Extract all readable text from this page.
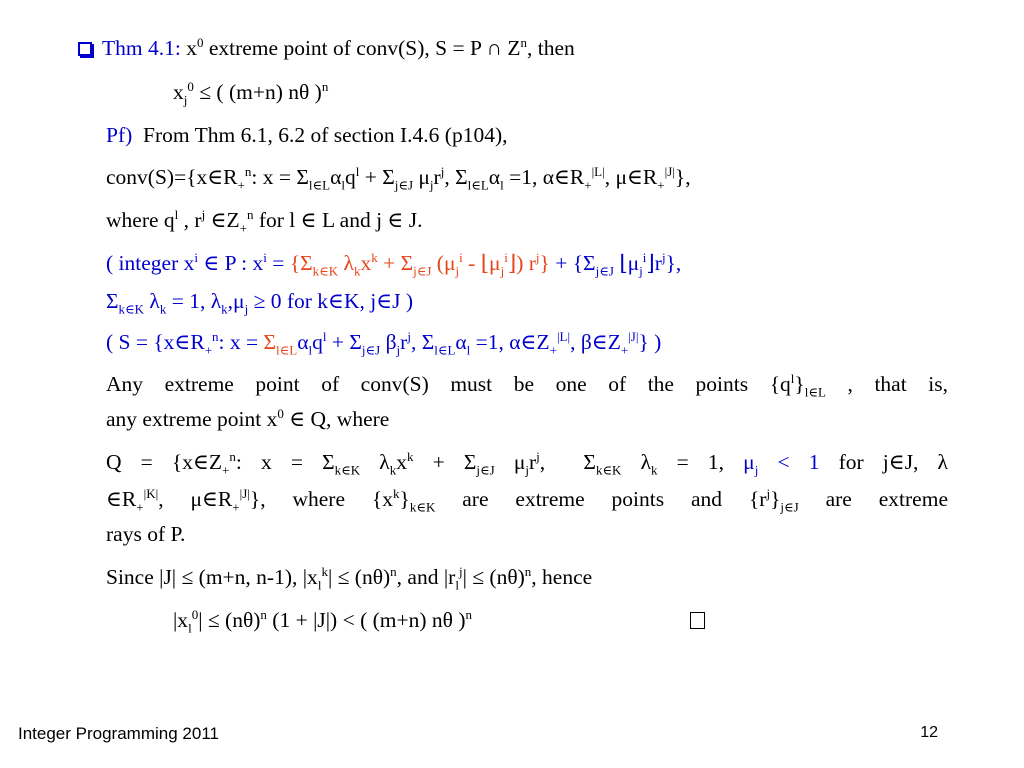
Thm 4.1: $x^0$ extreme point of conv(S), S = P ∩ $Z^n$, then
$x_j^0$ ≤ ( (m+n) nθ )$^n$
Pf) From Thm 6.1, 6.2 of section I.4.6 (p104),
$conv(S)=\{x\in R_+^n$: $x = \Sigma_{l\in L}\alpha_lq^l + \Sigma_{j\in J}$ $\mu_jr^j$, $\Sigma_{l\in L}\alpha_l =1$, $\alpha\in R_+^{|L|}$, $\mu\in R_+^{|J|}$},
where $q^l$ , $r^j$ $\in Z_+^n$ for l ∈ L and j ∈ J.
( integer $x^i$ ∈ P : $x^i = \{\Sigma_{k\in K}$ $\lambda_kx^k + \Sigma_{j\in J}$ ($\mu_j^i$ - $⌊\mu_j^i⌋$) $r^j\} + \{\Sigma_{j\in J}$ $⌊\mu_j^i⌋r^j$},
$\Sigma_{k\in K}$ $\lambda_k = 1$, $\lambda_k,\mu_j \ge 0$ for k∈K, j∈J )
( $S = \{x\in R_+^n$: $x = \Sigma_{l\in L}\alpha_lq^l + \Sigma_{j\in J}$ $\beta_jr^j$, $\Sigma_{l\in L}\alpha_l =1$, $\alpha\in Z_+^{|L|}$, $\beta\in Z_+^{|J|}$} )
Any extreme point of conv(S) must be one of the points $\{q^l\}_{l\in L}$ , that is,
any extreme point $x^0$ ∈ Q, where
$Q = \{x\in Z_+^n$: $x = \Sigma_{k\in K}$ $\lambda_kx^k + \Sigma_{j\in J}$ $\mu_jr^j$,  $\Sigma_{k\in K}$ $\lambda_k = 1$, $\mu_j < 1$ for j∈J, λ
$\in R_+^{|K|}$, $\mu\in R_+^{|J|}$}, where $\{x^k\}_{k\in K}$ are extreme points and $\{r^j\}_{j\in J}$ are extreme
rays of P.
Since |J| ≤ (m+n, n-1), $|x_l^k| \le (n\theta)^n$, and $|r_l^j| \le (n\theta)^n$, hence
$|x_l^0| \le (n\theta)^n$ (1 + |J|) < ( (m+n) nθ )$^n$
Integer Programming 2011	12
